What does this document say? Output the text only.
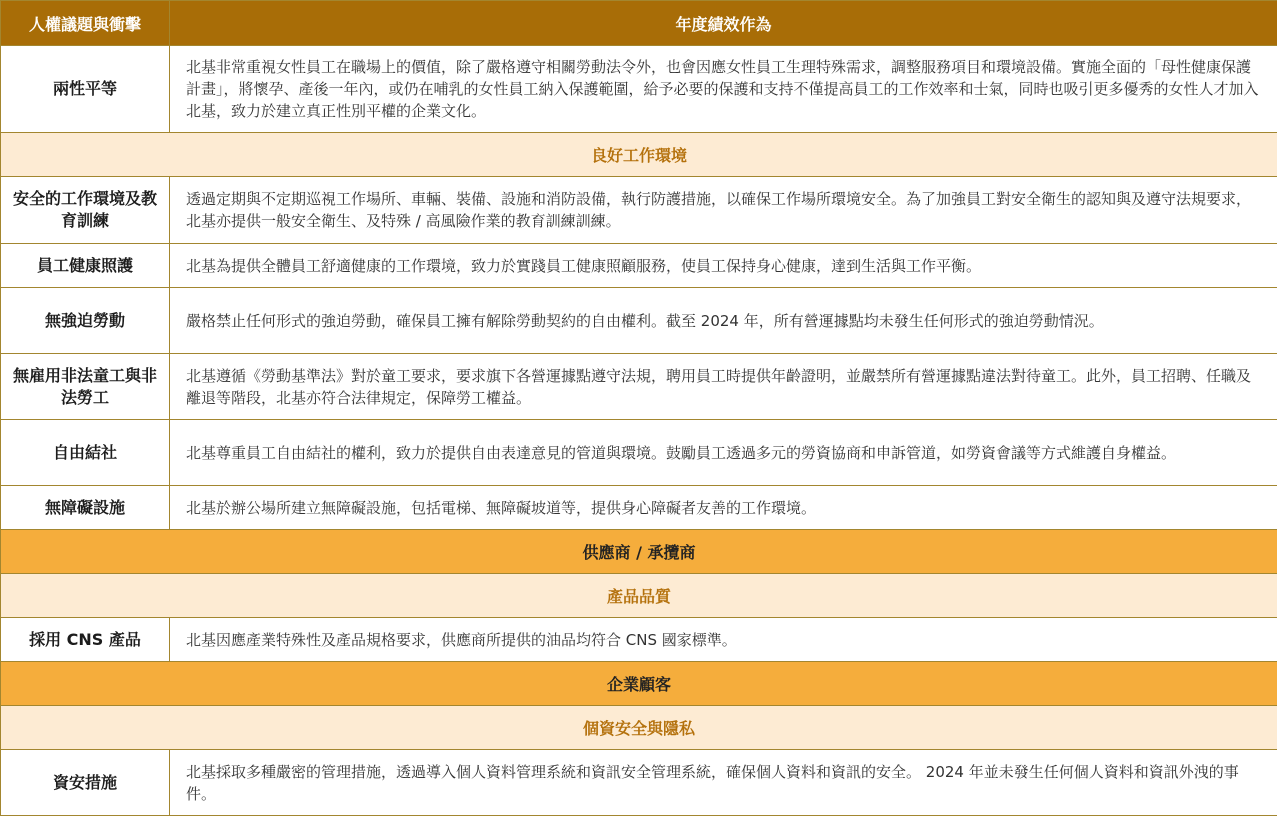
人權議題與衝擊	年度績效作為
兩性平等	北基非常重視女性員工在職場上的價值，除了嚴格遵守相關勞動法令外，也會因應女性員工生理特殊需求，調整服務項目和環境設備。實施全面的「母性健康保護計畫」，將懷孕、產後一年內，或仍在哺乳的女性員工納入保護範圍，給予必要的保護和支持不僅提高員工的工作效率和士氣，同時也吸引更多優秀的女性人才加入北基，致力於建立真正性別平權的企業文化。
良好工作環境	
安全的工作環境及教育訓練	透過定期與不定期巡視工作場所、車輛、裝備、設施和消防設備，執行防護措施，以確保工作場所環境安全。為了加強員工對安全衛生的認知與及遵守法規要求，北基亦提供一般安全衛生、及特殊 / 高風險作業的教育訓練訓練。
員工健康照護	北基為提供全體員工舒適健康的工作環境，致力於實踐員工健康照顧服務，使員工保持身心健康，達到生活與工作平衡。
無強迫勞動	嚴格禁止任何形式的強迫勞動，確保員工擁有解除勞動契約的自由權利。截至 2024 年，所有營運據點均未發生任何形式的強迫勞動情況。
無雇用非法童工與非法勞工	北基遵循《勞動基準法》對於童工要求，要求旗下各營運據點遵守法規，聘用員工時提供年齡證明，並嚴禁所有營運據點違法對待童工。此外，員工招聘、任職及離退等階段，北基亦符合法律規定，保障勞工權益。
自由結社	北基尊重員工自由結社的權利，致力於提供自由表達意見的管道與環境。鼓勵員工透過多元的勞資協商和申訴管道，如勞資會議等方式維護自身權益。
無障礙設施	北基於辦公場所建立無障礙設施，包括電梯、無障礙坡道等，提供身心障礙者友善的工作環境。
供應商 / 承攬商	
產品品質	
採用 CNS 產品	北基因應產業特殊性及產品規格要求，供應商所提供的油品均符合 CNS 國家標準。
企業顧客	
個資安全與隱私	
資安措施	北基採取多種嚴密的管理措施，透過導入個人資料管理系統和資訊安全管理系統，確保個人資料和資訊的安全。 2024 年並未發生任何個人資料和資訊外洩的事件。
